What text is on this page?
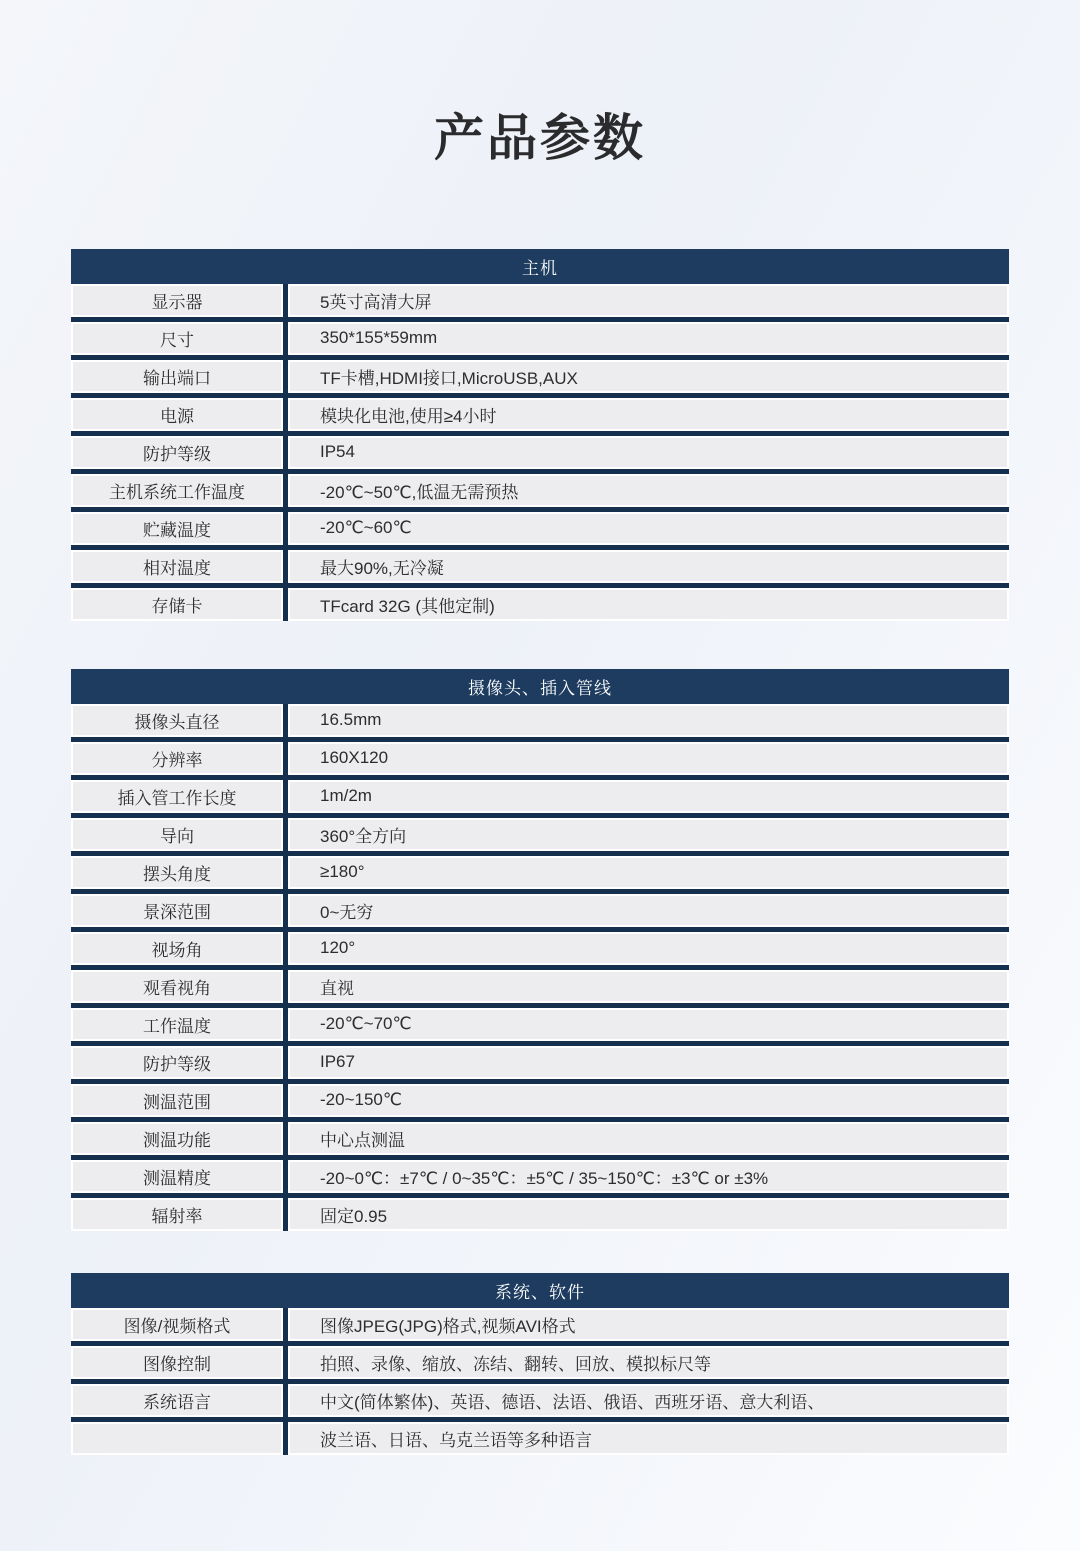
产品参数
主机
显示器	5英寸高清大屏
尺寸	350*155*59mm
输出端口	TF卡槽,HDMI接口,MicroUSB,AUX
电源	模块化电池,使用≥4小时
防护等级	IP54
主机系统工作温度	-20℃~50℃,低温无需预热
贮藏温度	-20℃~60℃
相对温度	最大90%,无冷凝
存储卡	TFcard 32G (其他定制)
摄像头、插入管线
摄像头直径	16.5mm
分辨率	160X120
插入管工作长度	1m/2m
导向	360°全方向
摆头角度	≥180°
景深范围	0~无穷
视场角	120°
观看视角	直视
工作温度	-20℃~70℃
防护等级	IP67
测温范围	-20~150℃
测温功能	中心点测温
测温精度	-20~0℃：±7℃ / 0~35℃：±5℃ / 35~150℃：±3℃ or ±3%
辐射率	固定0.95
系统、软件
图像/视频格式	图像JPEG(JPG)格式,视频AVI格式
图像控制	拍照、录像、缩放、冻结、翻转、回放、模拟标尺等
系统语言	中文(简体繁体)、英语、德语、法语、俄语、西班牙语、意大利语、
波兰语、日语、乌克兰语等多种语言
